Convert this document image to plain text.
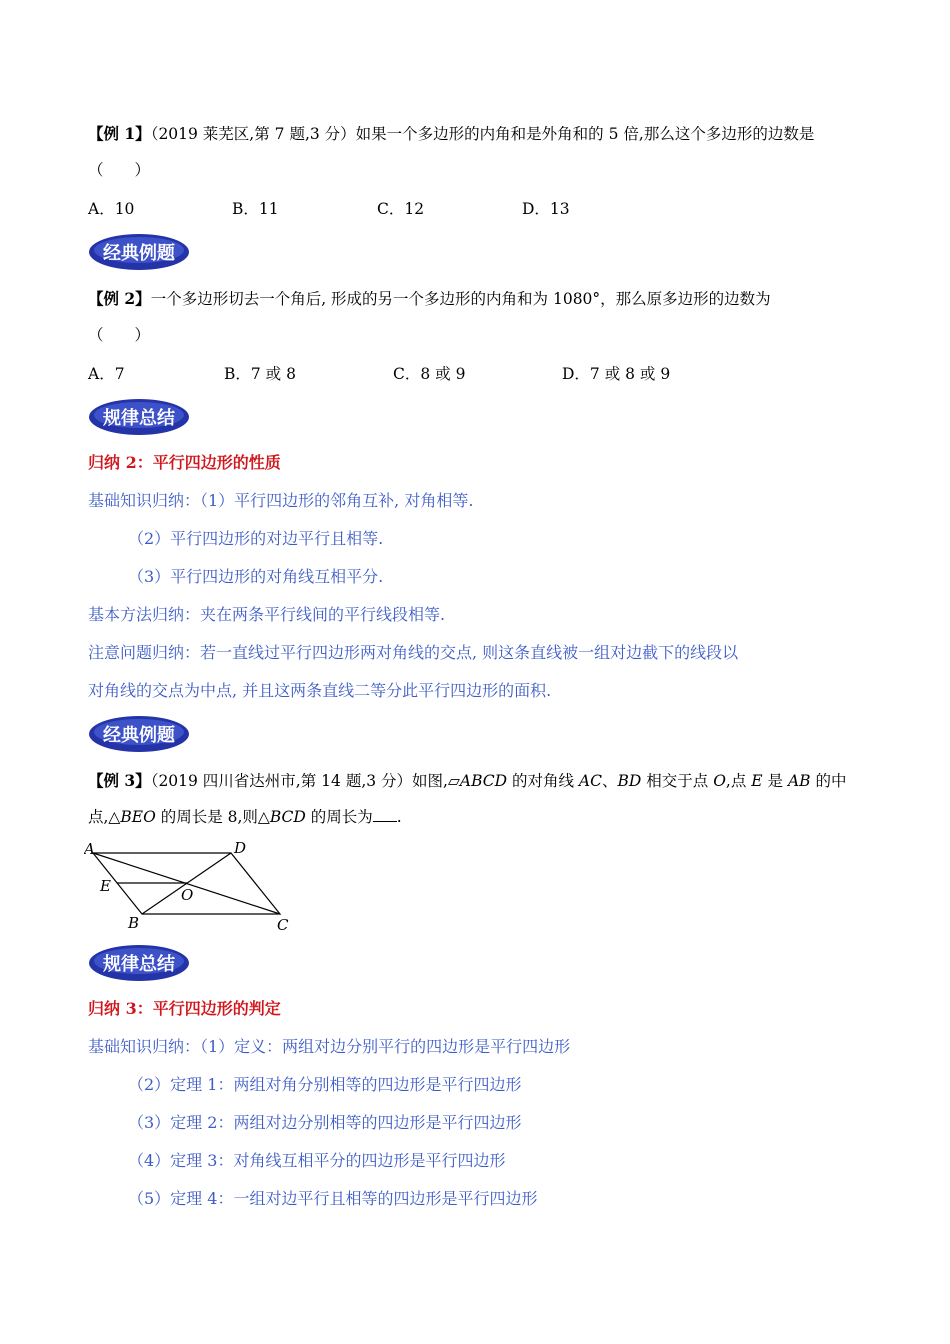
【例 1】（2019 莱芜区,第 7 题,3 分）如果一个多边形的内角和是外角和的 5 倍,那么这个多边形的边数是
（　　）
A．10	B．11	C．12	D．13
经典例题
【例 2】一个多边形切去一个角后, 形成的另一个多边形的内角和为 1080°，那么原多边形的边数为
（　　）
A．7	B．7 或 8	C．8 或 9	D．7 或 8 或 9
规律总结
归纳 2：平行四边形的性质
基础知识归纳：（1）平行四边形的邻角互补, 对角相等.
（2）平行四边形的对边平行且相等.
（3）平行四边形的对角线互相平分.
基本方法归纳：夹在两条平行线间的平行线段相等.
注意问题归纳：若一直线过平行四边形两对角线的交点, 则这条直线被一组对边截下的线段以
对角线的交点为中点, 并且这两条直线二等分此平行四边形的面积.
经典例题
【例 3】（2019 四川省达州市,第 14 题,3 分）如图,▱ABCD 的对角线 AC、BD 相交于点 O,点 E 是 AB 的中
点,△BEO 的周长是 8,则△BCD 的周长为 .
A	D
E	O
B	C
规律总结
归纳 3：平行四边形的判定
基础知识归纳：（1）定义：两组对边分别平行的四边形是平行四边形
（2）定理 1：两组对角分别相等的四边形是平行四边形
（3）定理 2：两组对边分别相等的四边形是平行四边形
（4）定理 3：对角线互相平分的四边形是平行四边形
（5）定理 4：一组对边平行且相等的四边形是平行四边形
